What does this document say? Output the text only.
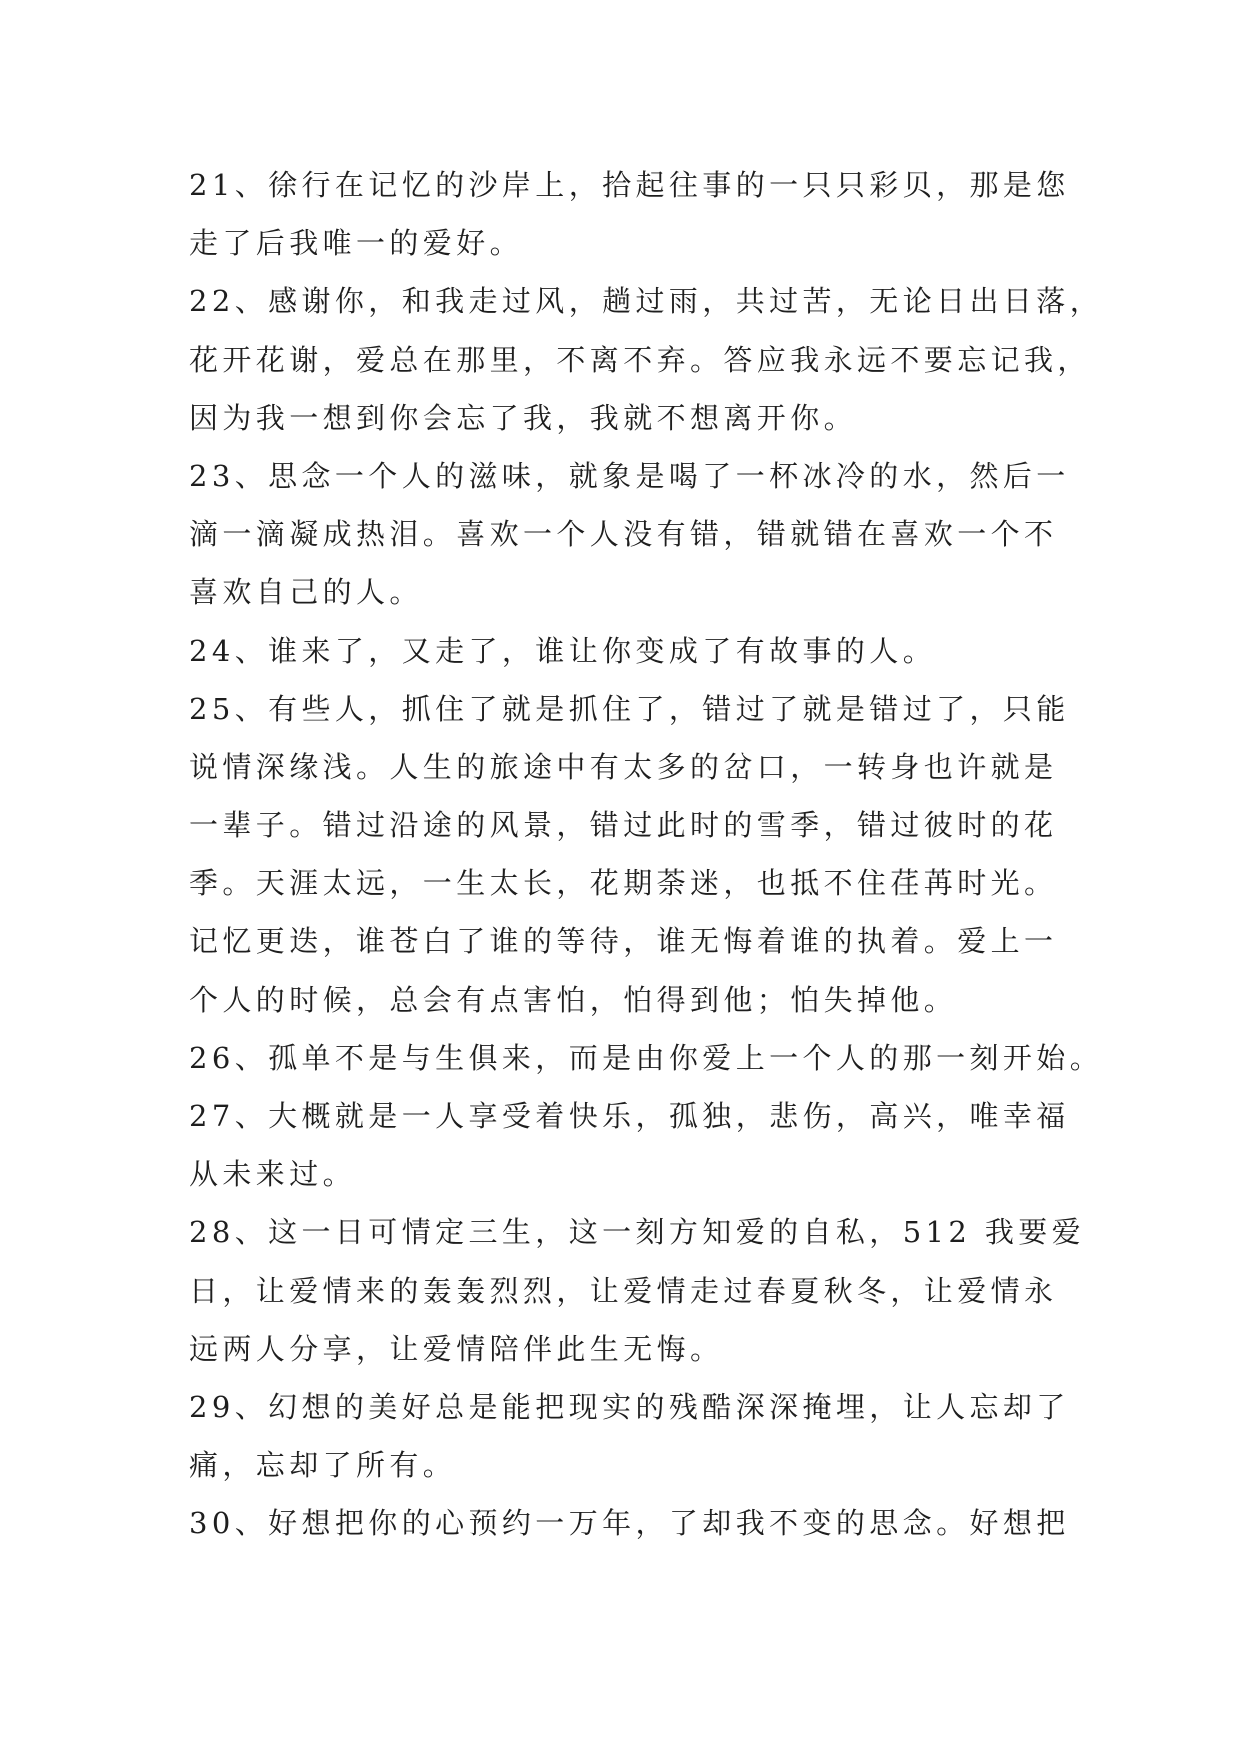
21、徐行在记忆的沙岸上，拾起往事的一只只彩贝，那是您
走了后我唯一的爱好。
22、感谢你，和我走过风，趟过雨，共过苦，无论日出日落，
花开花谢，爱总在那里，不离不弃。答应我永远不要忘记我，
因为我一想到你会忘了我，我就不想离开你。
23、思念一个人的滋味，就象是喝了一杯冰冷的水，然后一
滴一滴凝成热泪。喜欢一个人没有错，错就错在喜欢一个不
喜欢自己的人。
24、谁来了，又走了，谁让你变成了有故事的人。
25、有些人，抓住了就是抓住了，错过了就是错过了，只能
说情深缘浅。人生的旅途中有太多的岔口，一转身也许就是
一辈子。错过沿途的风景，错过此时的雪季，错过彼时的花
季。天涯太远，一生太长，花期荼迷，也抵不住荏苒时光。
记忆更迭，谁苍白了谁的等待，谁无悔着谁的执着。爱上一
个人的时候，总会有点害怕，怕得到他；怕失掉他。
26、孤单不是与生俱来，而是由你爱上一个人的那一刻开始。
27、大概就是一人享受着快乐，孤独，悲伤，高兴，唯幸福
从未来过。
28、这一日可情定三生，这一刻方知爱的自私，512 我要爱
日，让爱情来的轰轰烈烈，让爱情走过春夏秋冬，让爱情永
远两人分享，让爱情陪伴此生无悔。
29、幻想的美好总是能把现实的残酷深深掩埋，让人忘却了
痛，忘却了所有。
30、好想把你的心预约一万年，了却我不变的思念。好想把
